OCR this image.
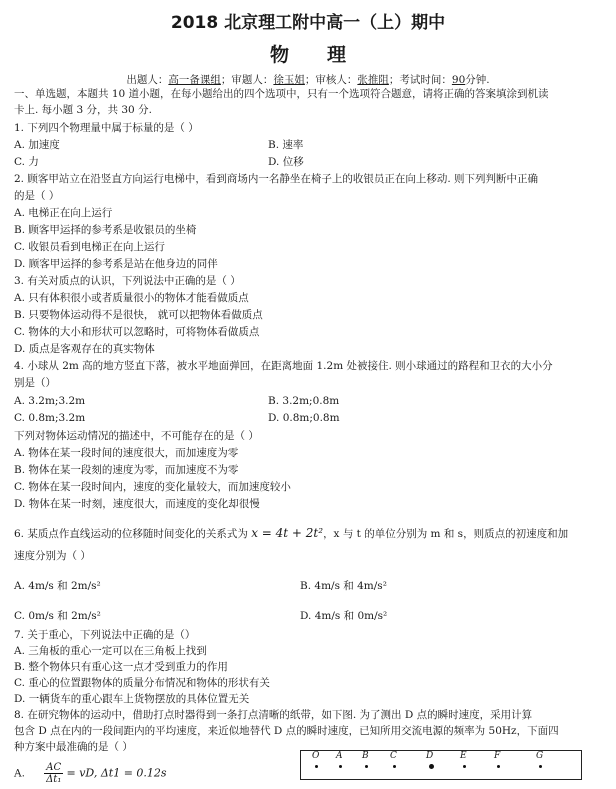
2018 北京理工附中高一（上）期中
物理
出题人：高一备课组；审题人：徐玉姐；审核人：张推阻；考试时间：90分钟.
一、单选题，本题共 10 道小题，在每小题给出的四个选项中，只有一个选项符合题意，请将正确的答案填涂到机读
卡上. 每小题 3 分，共 30 分.
1. 下列四个物理量中属于标量的是（ ）
A. 加速度	B. 速率
C. 力	D. 位移
2. 顾客甲站立在沿竖直方向运行电梯中，看到商场内一名静坐在椅子上的收银员正在向上移动. 则下列判断中正确
的是（ ）
A. 电梯正在向上运行
B. 顾客甲运择的参考系是收银员的坐椅
C. 收银员看到电梯正在向上运行
D. 顾客甲运择的参考系是站在他身边的同伴
3. 有关对质点的认识，下列说法中正确的是（ ）
A. 只有体积很小或者质量很小的物体才能看做质点
B. 只要物体运动得不是很快， 就可以把物体看做质点
C. 物体的大小和形状可以忽略时，可将物体看做质点
D. 质点是客观存在的真实物体
4. 小球从 2m 高的地方竖直下落，被水平地面弹回，在距离地面 1.2m 处被接住. 则小球通过的路程和卫衣的大小分
别是（）
A. 3.2m;3.2m	B. 3.2m;0.8m
C. 0.8m;3.2m	D. 0.8m;0.8m
下列对物体运动情况的描述中，不可能存在的是（ ）
A. 物体在某一段时间的速度很大，而加速度为零
B. 物体在某一段刻的速度为零，而加速度不为零
C. 物体在某一段时间内，速度的变化量较大，而加速度较小
D. 物体在某一时刻，速度很大，而速度的变化却很慢
6. 某质点作直线运动的位移随时间变化的关系式为 x = 4t + 2t²，x 与 t 的单位分别为 m 和 s，则质点的初速度和加
速度分别为（ ）
A. 4m/s 和 2m/s²	B. 4m/s 和 4m/s²
C. 0m/s 和 2m/s²	D. 4m/s 和 0m/s²
7. 关于重心，下列说法中正确的是（）
A. 三角板的重心一定可以在三角板上找到
B. 整个物体只有重心这一点才受到重力的作用
C. 重心的位置跟物体的质量分布情况和物体的形状有关
D. 一辆货车的重心跟车上货物摆放的具体位置无关
8. 在研究物体的运动中，借助打点时器得到一条打点清晰的纸带，如下图. 为了测出 D 点的瞬时速度，采用计算
包含 D 点在内的一段间距内的平均速度，来近似地替代 D 点的瞬时速度，已知所用交流电源的频率为 50Hz，下面四
种方案中最准确的是（ ）
A. $\frac{AC}{\text{Δt₁}}$ = vD, Δt1 = 0.12s
O A B C	D	E	F	G
